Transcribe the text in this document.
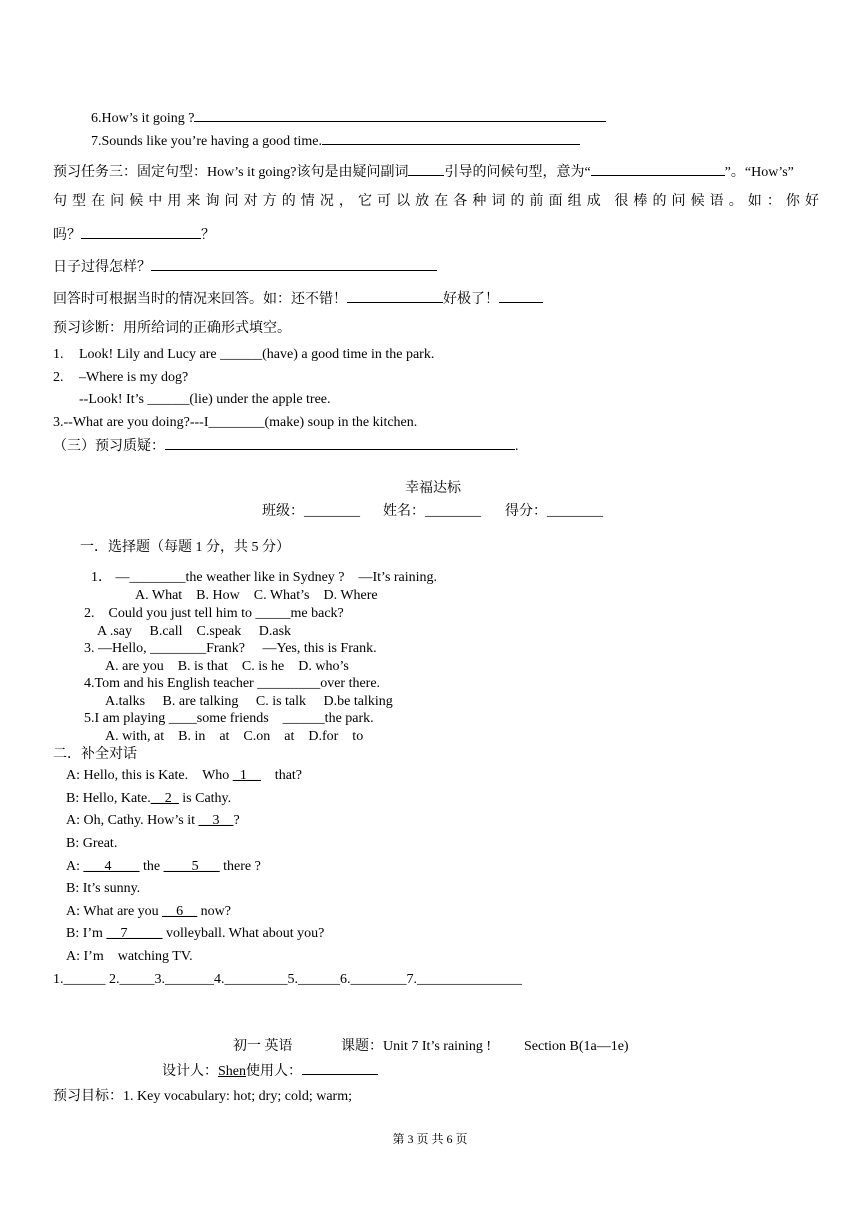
6.How’s it going ?
7.Sounds like you’re having a good time.
预习任务三：固定句型：How’s it going?该句是由疑问副词	引导的问候句型，意为“	”。“How’s”
句型在问候中用来询问对方的情况，它可以放在各种词的前面组成 很棒的问候语。如：你好
吗？	？
日子过得怎样？
回答时可根据当时的情况来回答。如：还不错！	好极了！
预习诊断：用所给词的正确形式填空。
1. Look! Lily and Lucy are ______(have) a good time in the park.
2. –Where is my dog?
--Look! It’s ______(lie) under the apple tree.
3.--What are you doing?---I________(make) soup in the kitchen.
（三）预习质疑：	.
幸福达标
班级：________ 姓名：________ 得分：________
一．选择题（每题 1 分，共 5 分）
1． —________the weather like in Sydney ?　—It’s raining.
A. What　B. How　C. What’s　D. Where
2.　Could you just tell him to _____me back?
A .say　 B.call　C.speak　 D.ask
3. —Hello, ________Frank?　 —Yes, this is Frank.
A. are you　B. is that　C. is he　D. who’s
4.Tom and his English teacher _________over there.
A.talks　 B. are talking　 C. is talk　 D.be talking
5.I am playing ____some friends　______the park.
A. with, at　B. in　at　C.on　at　D.for　to
二．补全对话
A: Hello, this is Kate.　Who _1__　that?
B: Hello, Kate.__2_ is Cathy.
A: Oh, Cathy. How’s it __3__?
B: Great.
A: ___4____ the ____5___ there ?
B: It’s sunny.
A: What are you __6__ now?
B: I’m __7_____ volleyball. What about you?
A: I’m　watching TV.
1.______ 2._____3._______4._________5.______6.________7._______________
初一 英语	课题：Unit 7 It’s raining ! Section B(1a—1e)
设计人：Shen使用人：
预习目标：1. Key vocabulary: hot; dry; cold; warm;
第 3 页 共 6 页
